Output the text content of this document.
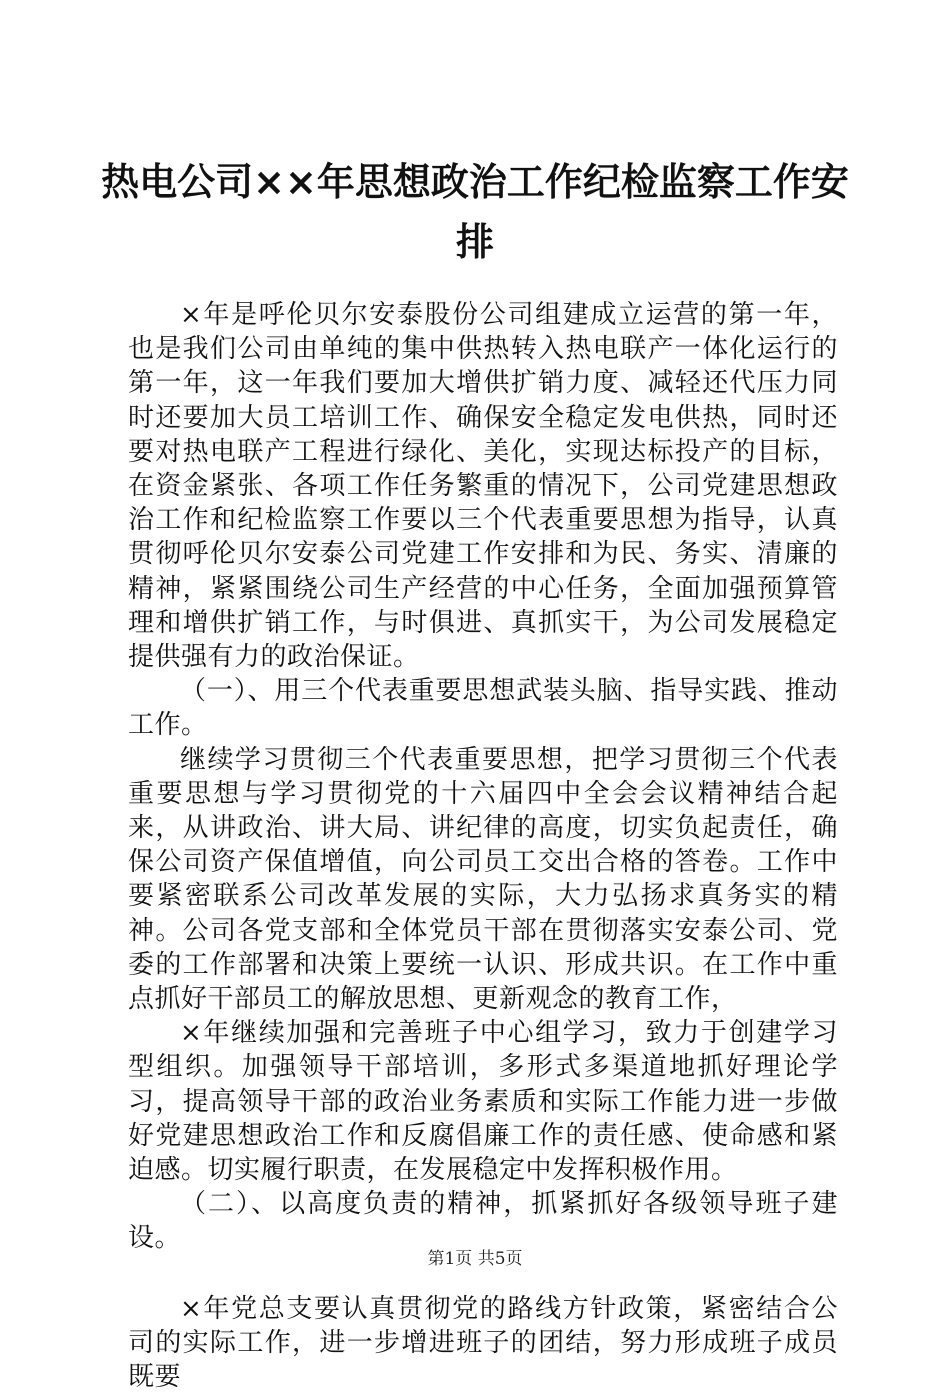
热电公司××年思想政治工作纪检监察工作安
排

×年是呼伦贝尔安泰股份公司组建成立运营的第一年，也是我们公司由单纯的集中供热转入热电联产一体化运行的第一年，这一年我们要加大增供扩销力度、减轻还代压力同时还要加大员工培训工作、确保安全稳定发电供热，同时还要对热电联产工程进行绿化、美化，实现达标投产的目标，在资金紧张、各项工作任务繁重的情况下，公司党建思想政治工作和纪检监察工作要以三个代表重要思想为指导，认真贯彻呼伦贝尔安泰公司党建工作安排和为民、务实、清廉的精神，紧紧围绕公司生产经营的中心任务，全面加强预算管理和增供扩销工作，与时俱进、真抓实干，为公司发展稳定提供强有力的政治保证。

（一）、用三个代表重要思想武装头脑、指导实践、推动工作。

继续学习贯彻三个代表重要思想，把学习贯彻三个代表重要思想与学习贯彻党的十六届四中全会会议精神结合起来，从讲政治、讲大局、讲纪律的高度，切实负起责任，确保公司资产保值增值，向公司员工交出合格的答卷。工作中要紧密联系公司改革发展的实际，大力弘扬求真务实的精神。公司各党支部和全体党员干部在贯彻落实安泰公司、党委的工作部署和决策上要统一认识、形成共识。在工作中重点抓好干部员工的解放思想、更新观念的教育工作，

×年继续加强和完善班子中心组学习，致力于创建学习型组织。加强领导干部培训，多形式多渠道地抓好理论学习，提高领导干部的政治业务素质和实际工作能力进一步做好党建思想政治工作和反腐倡廉工作的责任感、使命感和紧迫感。切实履行职责，在发展稳定中发挥积极作用。

（二）、以高度负责的精神，抓紧抓好各级领导班子建设。

×年党总支要认真贯彻党的路线方针政策，紧密结合公司的实际工作，进一步增进班子的团结，努力形成班子成员既要

第1页 共5页
